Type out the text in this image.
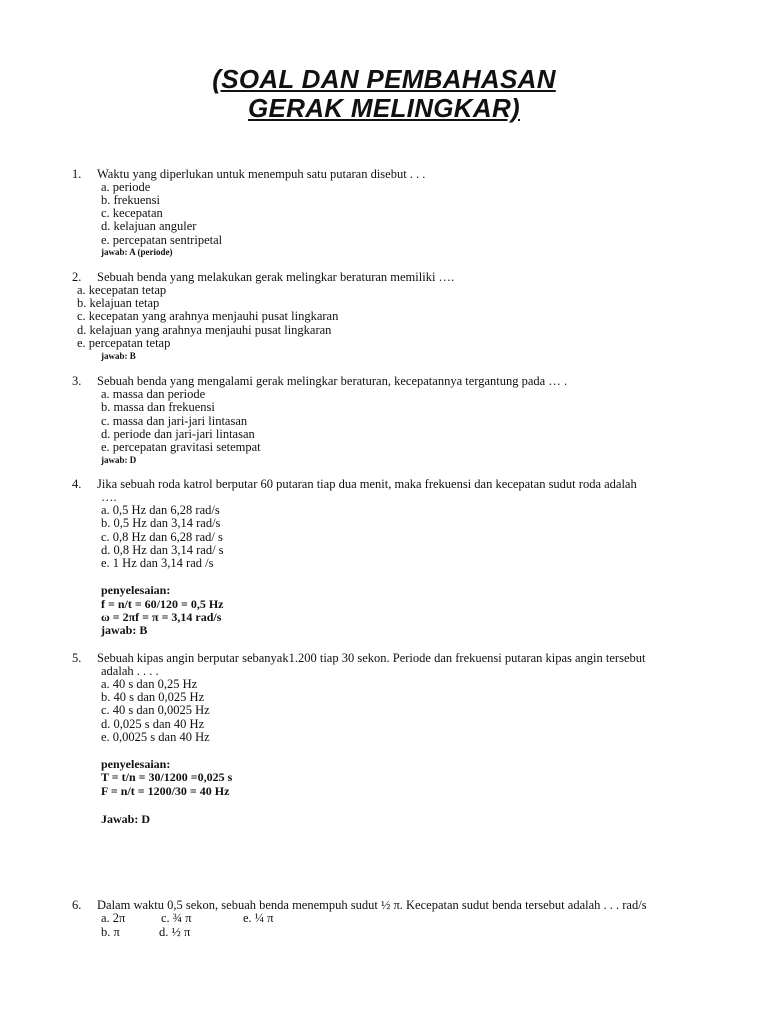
(SOAL DAN PEMBAHASAN
GERAK MELINGKAR)
1. Waktu yang diperlukan untuk menempuh satu putaran disebut . . .
a. periode
b. frekuensi
c. kecepatan
d. kelajuan anguler
e. percepatan sentripetal
jawab: A (periode)
2. Sebuah benda yang melakukan gerak melingkar beraturan memiliki ….
a. kecepatan tetap
b. kelajuan tetap
c. kecepatan yang arahnya menjauhi pusat lingkaran
d. kelajuan yang arahnya menjauhi pusat lingkaran
e. percepatan tetap
jawab: B
3. Sebuah benda yang mengalami gerak melingkar beraturan, kecepatannya tergantung pada … .
a. massa dan periode
b. massa dan frekuensi
c. massa dan jari-jari lintasan
d. periode dan jari-jari lintasan
e. percepatan gravitasi setempat
jawab: D
4. Jika sebuah roda katrol berputar 60 putaran tiap dua menit, maka frekuensi dan kecepatan sudut roda adalah
….
a. 0,5 Hz dan 6,28 rad/s
b. 0,5 Hz dan 3,14 rad/s
c. 0,8 Hz dan 6,28 rad/ s
d. 0,8 Hz dan 3,14 rad/ s
e. 1 Hz dan 3,14 rad /s
penyelesaian:
f = n/t = 60/120 = 0,5 Hz
ω = 2πf = π = 3,14 rad/s
jawab: B
5. Sebuah kipas angin berputar sebanyak1.200 tiap 30 sekon. Periode dan frekuensi putaran kipas angin tersebut
adalah . . . .
a. 40 s dan 0,25 Hz
b. 40 s dan 0,025 Hz
c. 40 s dan 0,0025 Hz
d. 0,025 s dan 40 Hz
e. 0,0025 s dan 40 Hz
penyelesaian:
T = t/n = 30/1200 =0,025 s
F = n/t = 1200/30 = 40 Hz
Jawab: D
6. Dalam waktu 0,5 sekon, sebuah benda menempuh sudut ½ π. Kecepatan sudut benda tersebut adalah . . . rad/s
a. 2π	c. ¾ π	e. ¼ π
b. π	d. ½ π
